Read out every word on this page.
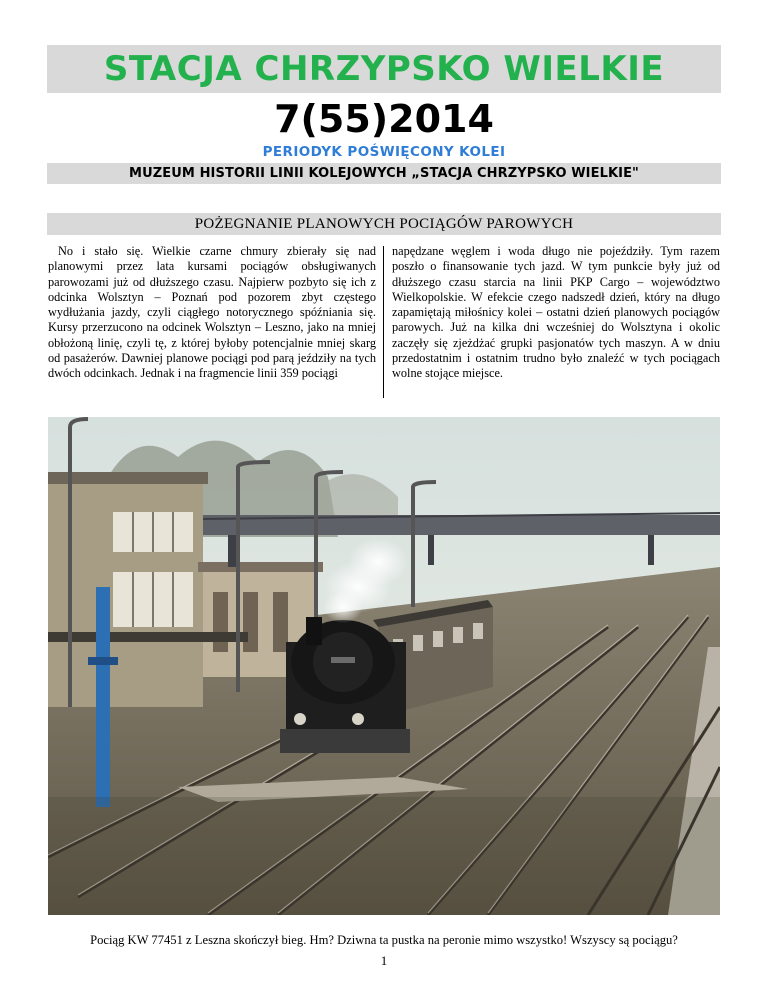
STACJA CHRZYPSKO WIELKIE
7(55)2014
PERIODYK POŚWIĘCONY KOLEI
MUZEUM HISTORII LINII KOLEJOWYCH „STACJA CHRZYPSKO WIELKIE"
POŻEGNANIE PLANOWYCH POCIĄGÓW PAROWYCH

No i stało się. Wielkie czarne chmury zbierały się nad planowymi przez lata kursami pociągów obsługiwanych parowozami już od dłuższego czasu. Najpierw pozbyto się ich z odcinka Wolsztyn – Poznań pod pozorem zbyt częstego wydłużania jazdy, czyli ciągłego notorycznego spóźniania się. Kursy przerzucono na odcinek Wolsztyn – Leszno, jako na mniej obłożoną linię, czyli tę, z której byłoby potencjalnie mniej skarg od pasażerów. Dawniej planowe pociągi pod parą jeździły na tych dwóch odcinkach. Jednak i na fragmencie linii 359 pociągi

napędzane węglem i woda długo nie pojeździły. Tym razem poszło o finansowanie tych jazd. W tym punkcie były już od dłuższego czasu starcia na linii PKP Cargo – województwo Wielkopolskie. W efekcie czego nadszedł dzień, który na długo zapamiętają miłośnicy kolei – ostatni dzień planowych pociągów parowych. Już na kilka dni wcześniej do Wolsztyna i okolic zaczęły się zjeżdżać grupki pasjonatów tych maszyn. A w dniu przedostatnim i ostatnim trudno było znaleźć w tych pociągach wolne stojące miejsce.

Pociąg KW 77451 z Leszna skończył bieg. Hm? Dziwna ta pustka na peronie mimo wszystko! Wszyscy są pociągu?
1
